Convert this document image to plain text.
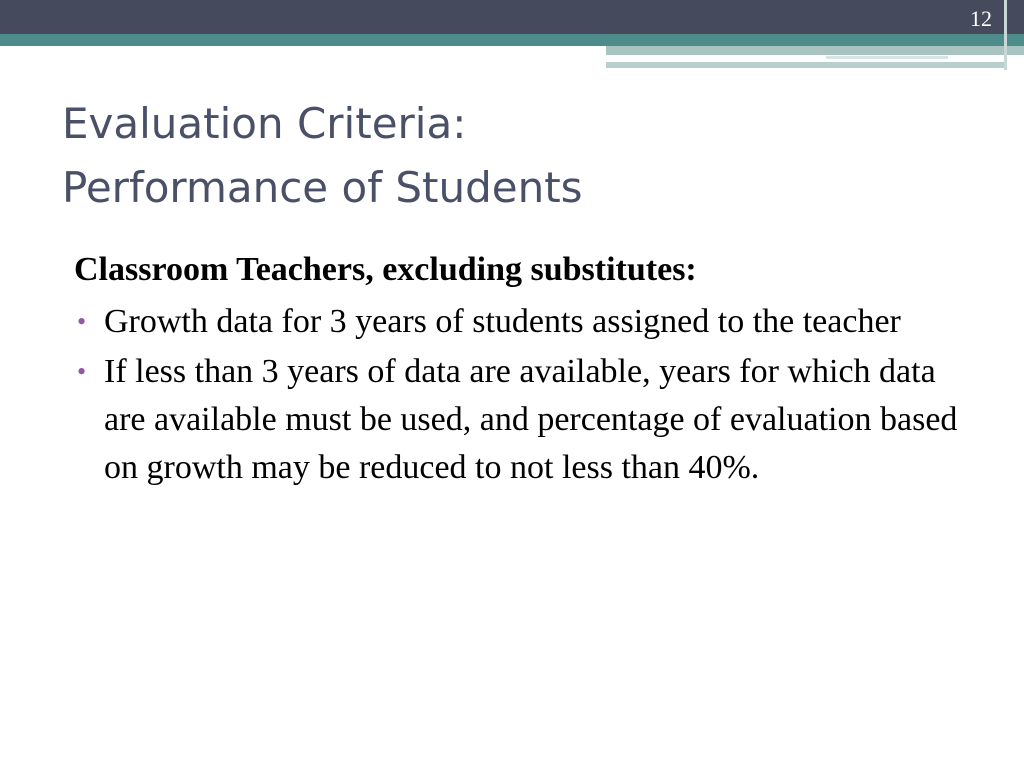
12
Evaluation Criteria:
Performance of Students
Classroom Teachers, excluding substitutes:
• Growth data for 3 years of students assigned to the teacher
• If less than 3 years of data are available, years for which data are available must be used, and percentage of evaluation based on growth may be reduced to not less than 40%.
